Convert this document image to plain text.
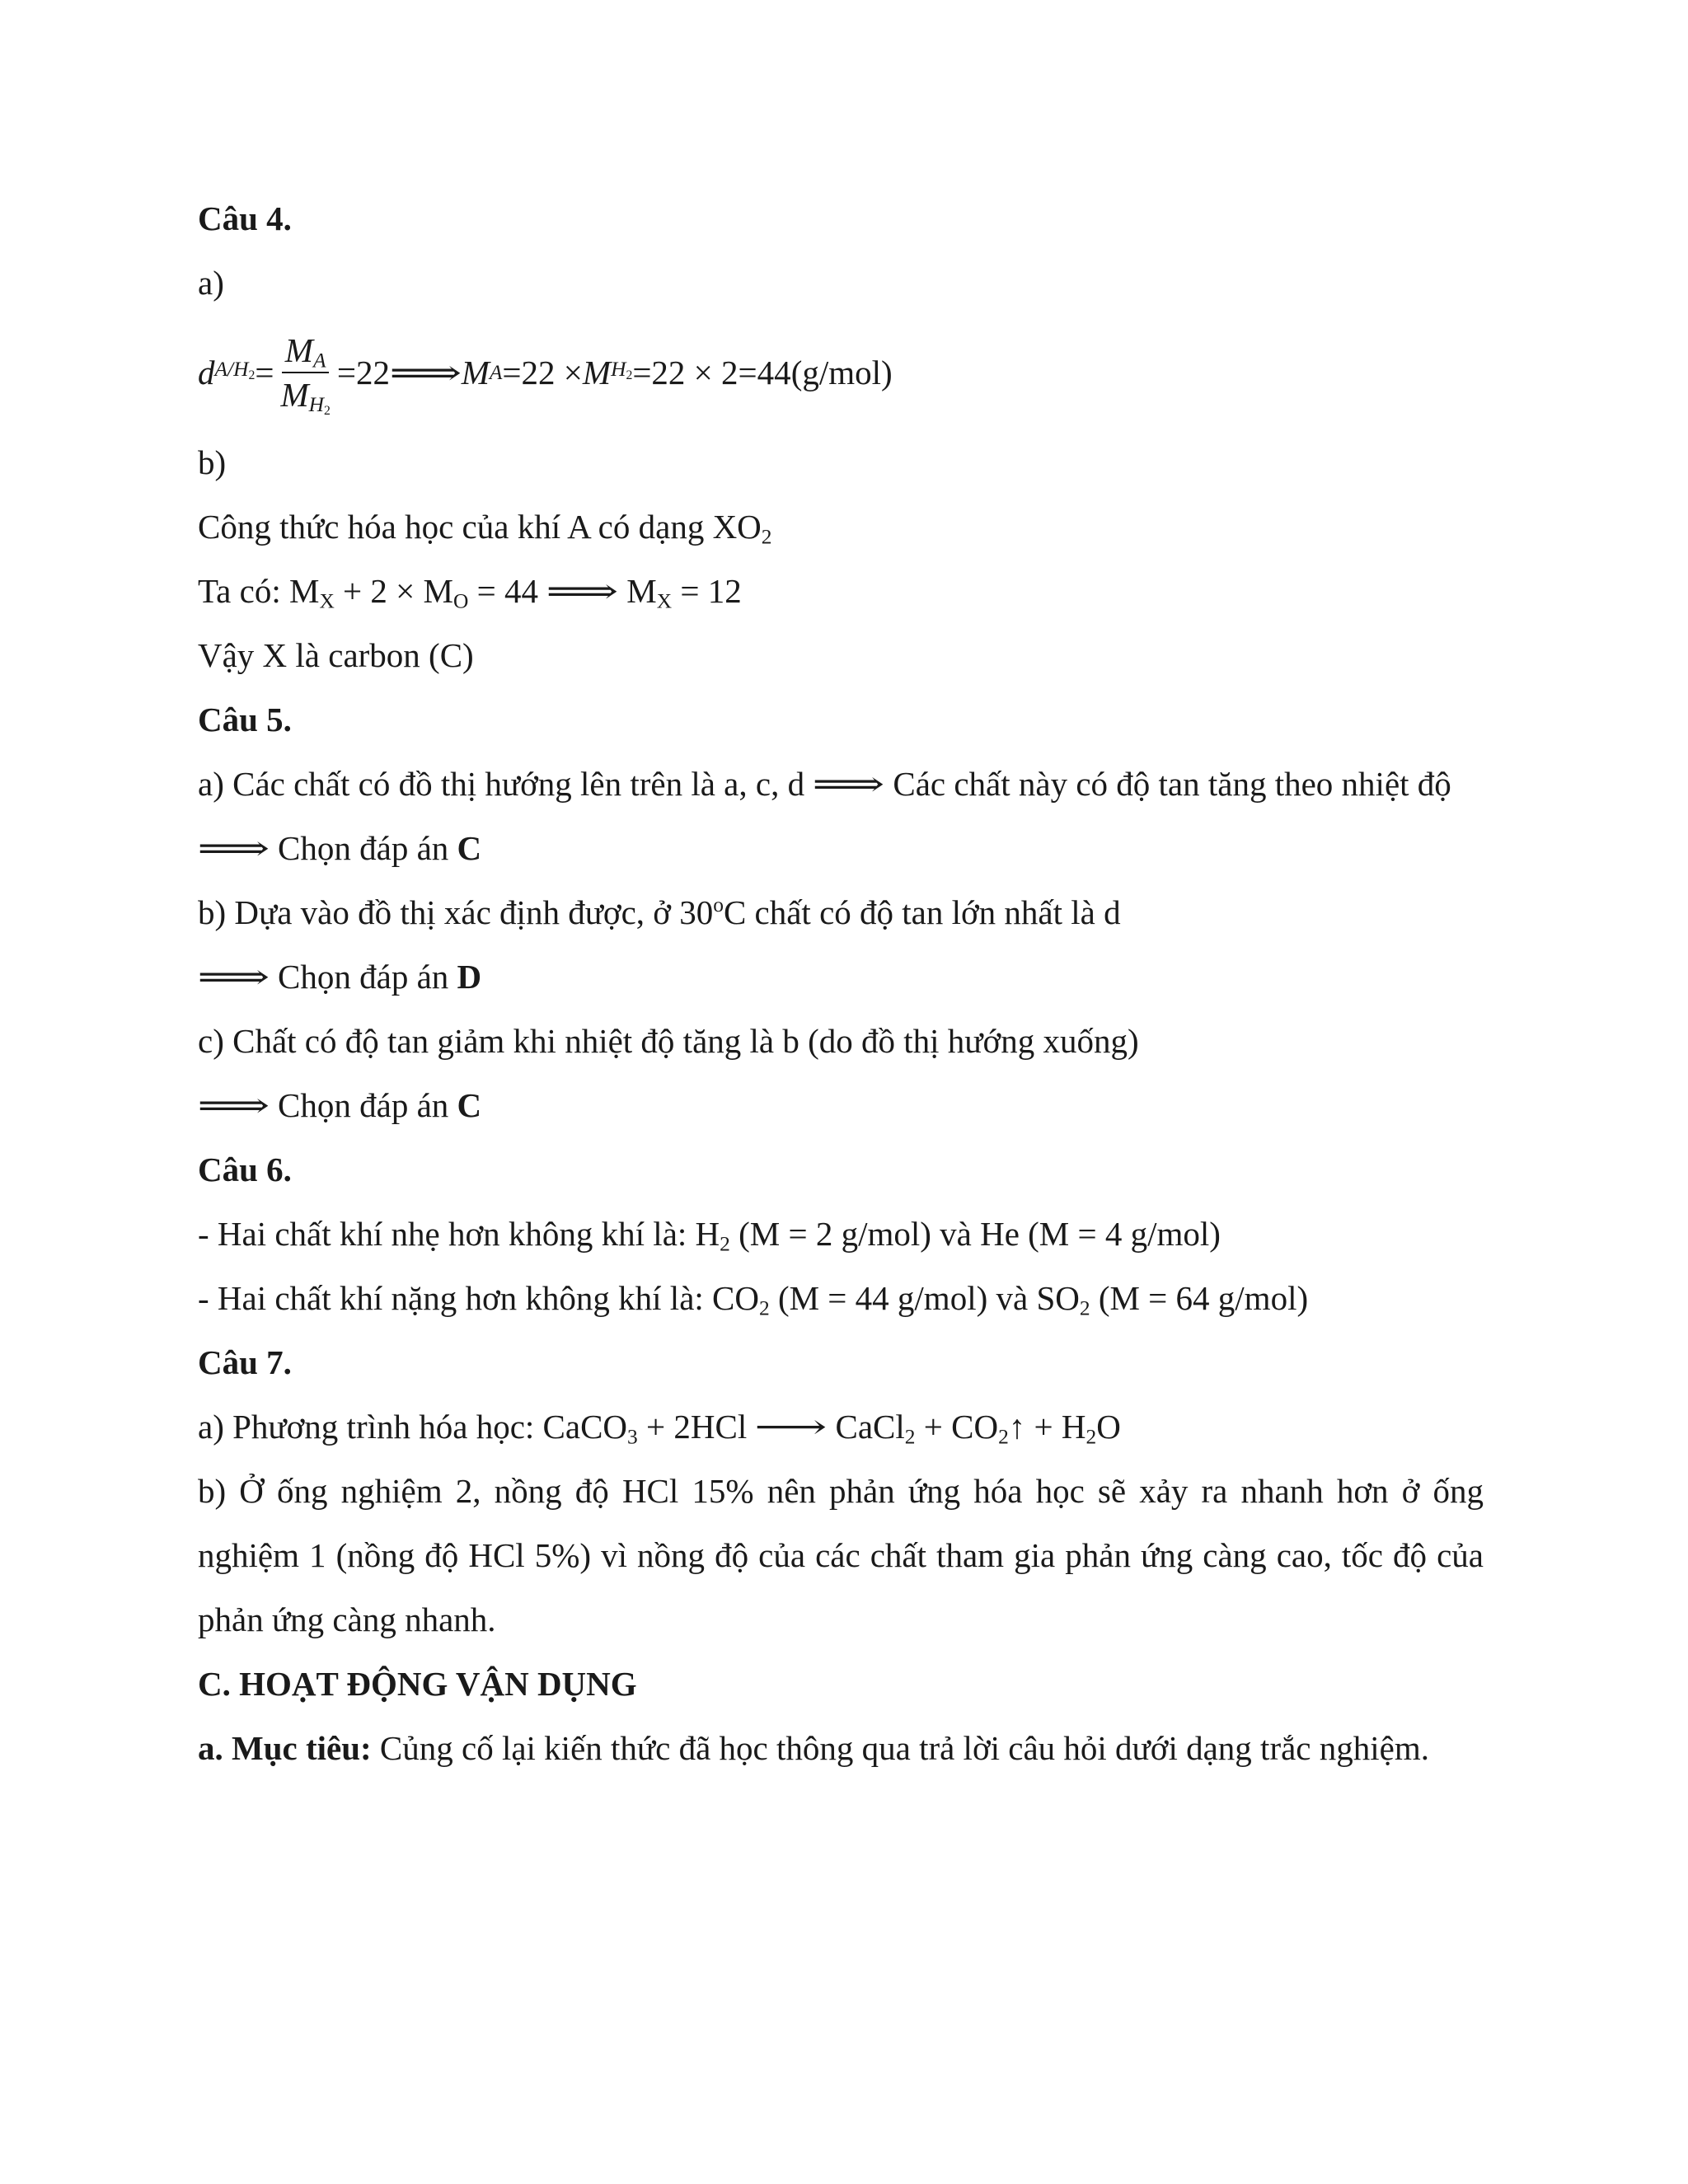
Câu 4.
a)
d $A/H_2 = \frac{M_A}{M_{H_2}} =22$ ⟹ M A =22 × M $H_2 =22 \times 2=44$ (g/mol)
b)
Công thức hóa học của khí A có dạng $XO_2$
Ta có: $M_X + 2 \times M_O = 44$ ⟹ $M_X = 12$
Vậy X là carbon (C)
Câu 5.
a) Các chất có đồ thị hướng lên trên là a, c, d ⟹ Các chất này có độ tan tăng theo nhiệt độ
⟹ Chọn đáp án C
b) Dựa vào đồ thị xác định được, ở 30$^o$C chất có độ tan lớn nhất là d
⟹ Chọn đáp án D
c) Chất có độ tan giảm khi nhiệt độ tăng là b (do đồ thị hướng xuống)
⟹ Chọn đáp án C
Câu 6.
- Hai chất khí nhẹ hơn không khí là: $H_2$ (M = 2 g/mol) và He (M = 4 g/mol)
- Hai chất khí nặng hơn không khí là: $CO_2$ (M = 44 g/mol) và $SO_2$ (M = 64 g/mol)
Câu 7.
a) Phương trình hóa học: CaCO$_3$ + 2HCl ⟶ CaCl$_2$ + $CO_2↑ + H_2O$
b) Ở ống nghiệm 2, nồng độ HCl 15% nên phản ứng hóa học sẽ xảy ra nhanh hơn ở ống nghiệm 1 (nồng độ HCl 5%) vì nồng độ của các chất tham gia phản ứng càng cao, tốc độ của phản ứng càng nhanh.
C. HOẠT ĐỘNG VẬN DỤNG
a. Mục tiêu: Củng cố lại kiến thức đã học thông qua trả lời câu hỏi dưới dạng trắc nghiệm.
